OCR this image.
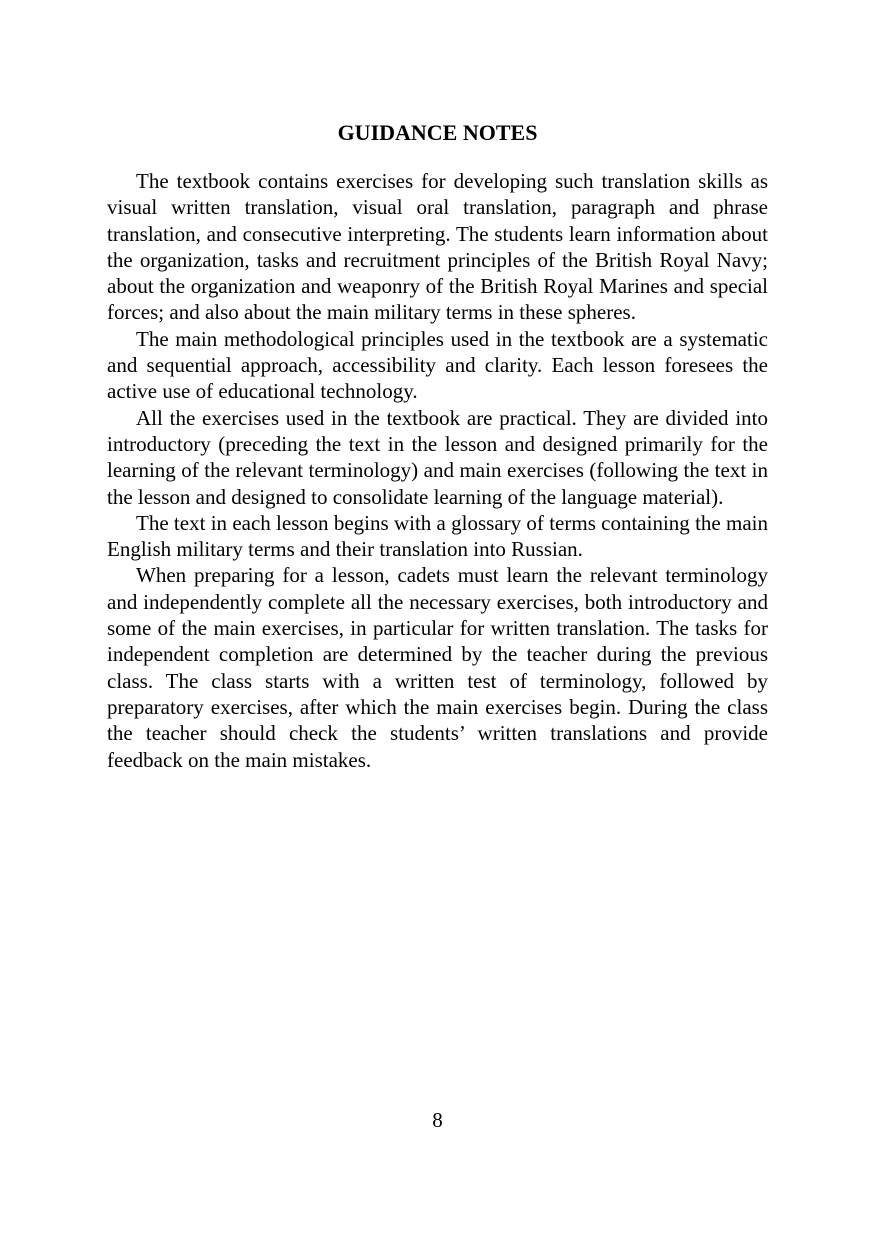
GUIDANCE NOTES

The textbook contains exercises for developing such translation skills as visual written translation, visual oral translation, paragraph and phrase translation, and consecutive interpreting. The students learn information about the organization, tasks and recruitment principles of the British Royal Navy; about the organization and weaponry of the British Royal Marines and special forces; and also about the main military terms in these spheres.

The main methodological principles used in the textbook are a systematic and sequential approach, accessibility and clarity. Each lesson foresees the active use of educational technology.

All the exercises used in the textbook are practical. They are divided into introductory (preceding the text in the lesson and designed primarily for the learning of the relevant terminology) and main exercises (following the text in the lesson and designed to consolidate learning of the language material).

The text in each lesson begins with a glossary of terms containing the main English military terms and their translation into Russian.

When preparing for a lesson, cadets must learn the relevant terminology and independently complete all the necessary exercises, both introductory and some of the main exercises, in particular for written translation. The tasks for independent completion are determined by the teacher during the previous class. The class starts with a written test of terminology, followed by preparatory exercises, after which the main exercises begin. During the class the teacher should check the students’ written translations and provide feedback on the main mistakes.

8
